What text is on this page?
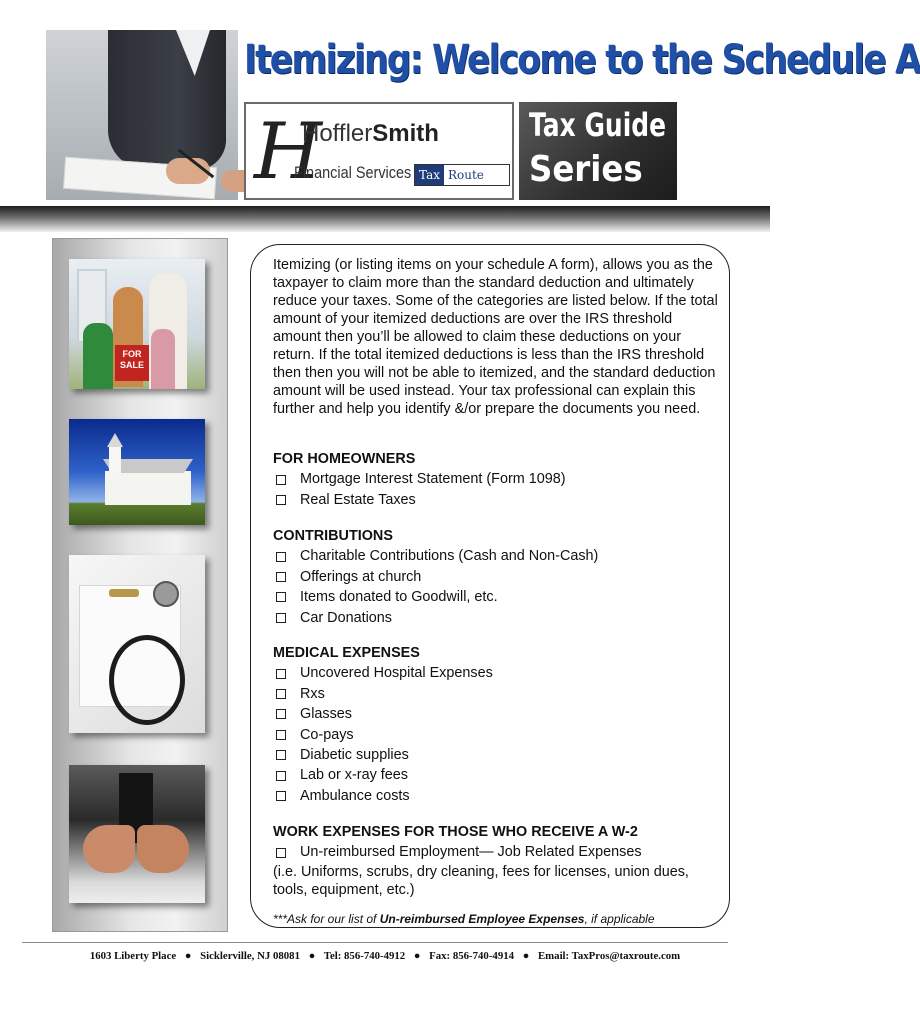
Itemizing: Welcome to the Schedule A
H
HofflerSmith
Financial Services Tax Route
Tax Guide
Series
FOR SALE
Itemizing (or listing items on your schedule A form), allows you as the taxpayer to claim more than the standard deduction and ultimately reduce your taxes. Some of the categories are listed below. If the total amount of your itemized deductions are over the IRS threshold amount then you’ll be allowed to claim these deductions on your return. If the total itemized deductions is less than the IRS threshold then then you will not be able to itemized, and the standard deduction amount will be used instead. Your tax professional can explain this further and help you identify &/or prepare the documents you need.
FOR HOMEOWNERS
Mortgage Interest Statement (Form 1098)
Real Estate Taxes
CONTRIBUTIONS
Charitable Contributions (Cash and Non-Cash)
Offerings at church
Items donated to Goodwill, etc.
Car Donations
MEDICAL EXPENSES
Uncovered Hospital Expenses
Rxs
Glasses
Co-pays
Diabetic supplies
Lab or x-ray fees
Ambulance costs
WORK EXPENSES FOR THOSE WHO RECEIVE A W-2
Un-reimbursed Employment— Job Related Expenses
(i.e. Uniforms, scrubs, dry cleaning, fees for licenses, union dues, tools, equipment, etc.)
***Ask for our list of Un-reimbursed Employee Expenses, if applicable
1603 Liberty Place ● Sicklerville, NJ 08081 ● Tel: 856-740-4912 ● Fax: 856-740-4914 ● Email: TaxPros@taxroute.com
